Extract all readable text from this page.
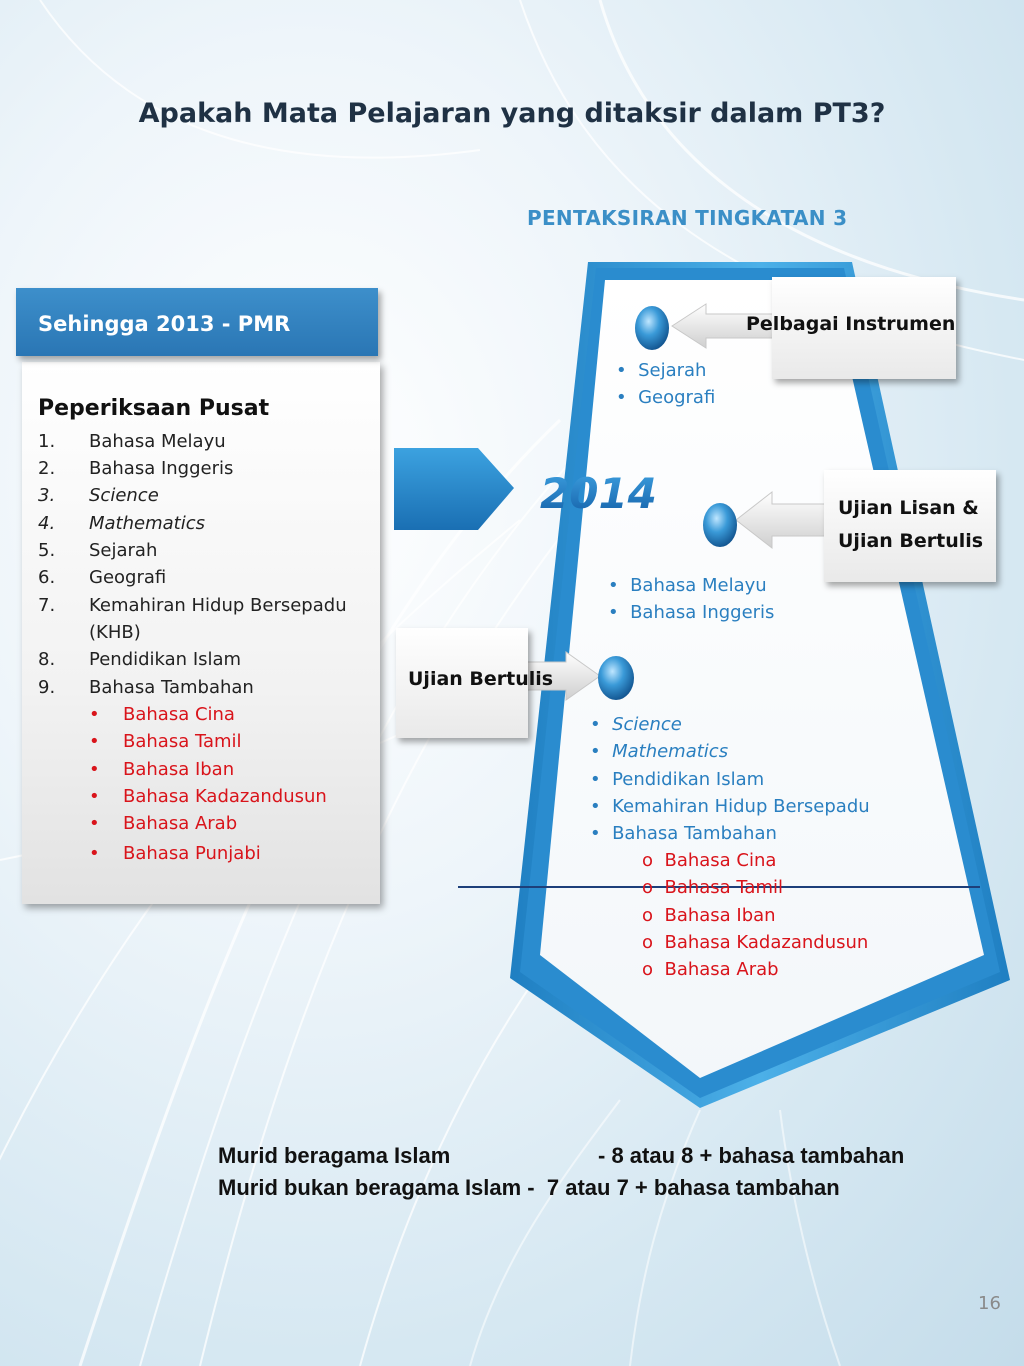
Apakah Mata Pelajaran yang ditaksir dalam PT3?
PENTAKSIRAN TINGKATAN 3
2014
Sehingga 2013 - PMR
Peperiksaan Pusat
1.	Bahasa Melayu
2.	Bahasa Inggeris
3.	Science
4.	Mathematics
5.	Sejarah
6.	Geografi
7.	Kemahiran Hidup Bersepadu
(KHB)
8.	Pendidikan Islam
9.	Bahasa Tambahan
• Bahasa Cina
• Bahasa Tamil
• Bahasa Iban
• Bahasa Kadazandusun
• Bahasa Arab
• Bahasa Punjabi
Pelbagai Instrumen
Ujian Lisan &
Ujian Bertulis
Ujian Bertulis
•  Sejarah
•  Geografi
•  Bahasa Melayu
•  Bahasa Inggeris
• Science
• Mathematics
•  Pendidikan Islam
•  Kemahiran Hidup Bersepadu
•  Bahasa Tambahan
o  Bahasa Cina
o  Bahasa Tamil
o  Bahasa Iban
o  Bahasa Kadazandusun
o  Bahasa Arab
Murid beragama Islam	- 8 atau 8 + bahasa tambahan
Murid bukan beragama Islam - 7 atau 7 + bahasa tambahan
16
